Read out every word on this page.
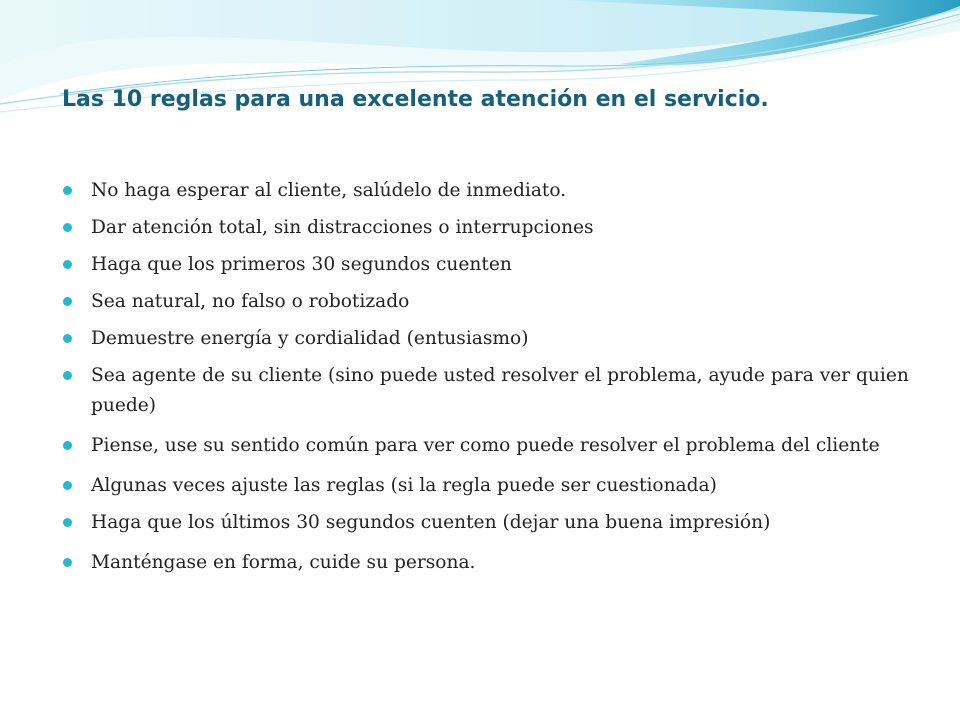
Las 10 reglas para una excelente atención en el servicio.
No haga esperar al cliente, salúdelo de inmediato.
Dar atención total, sin distracciones o interrupciones
Haga que los primeros 30 segundos cuenten
Sea natural, no falso o robotizado
Demuestre energía y cordialidad (entusiasmo)
Sea agente de su cliente (sino puede usted resolver el problema, ayude para ver quien puede)
Piense, use su sentido común para ver como puede resolver el problema del cliente
Algunas veces ajuste las reglas (si la regla puede ser cuestionada)
Haga que los últimos 30 segundos cuenten (dejar una buena impresión)
Manténgase en forma, cuide su persona.
